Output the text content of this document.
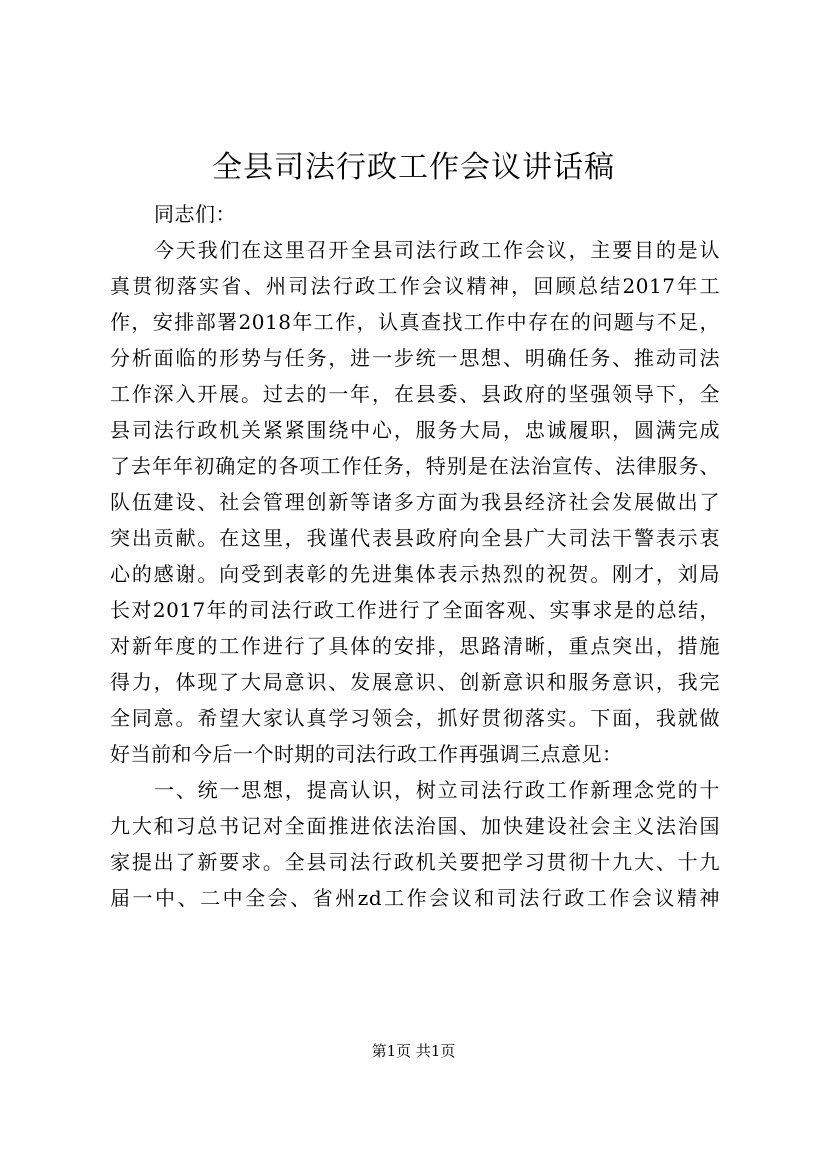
全县司法行政工作会议讲话稿
同志们：
今天我们在这里召开全县司法行政工作会议，主要目的是认
真贯彻落实省、州司法行政工作会议精神，回顾总结2017年工
作，安排部署2018年工作，认真查找工作中存在的问题与不足，
分析面临的形势与任务，进一步统一思想、明确任务、推动司法
工作深入开展。过去的一年，在县委、县政府的坚强领导下，全
县司法行政机关紧紧围绕中心，服务大局，忠诚履职，圆满完成
了去年年初确定的各项工作任务，特别是在法治宣传、法律服务、
队伍建设、社会管理创新等诸多方面为我县经济社会发展做出了
突出贡献。在这里，我谨代表县政府向全县广大司法干警表示衷
心的感谢。向受到表彰的先进集体表示热烈的祝贺。刚才，刘局
长对2017年的司法行政工作进行了全面客观、实事求是的总结，
对新年度的工作进行了具体的安排，思路清晰，重点突出，措施
得力，体现了大局意识、发展意识、创新意识和服务意识，我完
全同意。希望大家认真学习领会，抓好贯彻落实。下面，我就做
好当前和今后一个时期的司法行政工作再强调三点意见：
一、统一思想，提高认识，树立司法行政工作新理念党的十
九大和习总书记对全面推进依法治国、加快建设社会主义法治国
家提出了新要求。全县司法行政机关要把学习贯彻十九大、十九
届一中、二中全会、省州zd工作会议和司法行政工作会议精神
第1页 共1页
